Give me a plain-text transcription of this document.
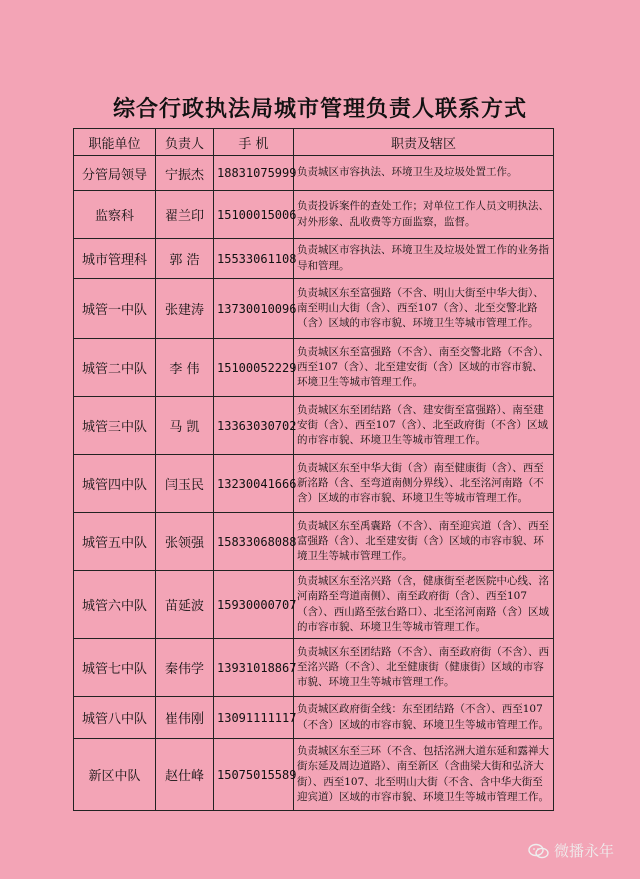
综合行政执法局城市管理负责人联系方式
职能单位	负责人	手 机	职责及辖区
分管局领导	宁振杰	18831075999	负责城区市容执法、环境卫生及垃圾处置工作。
监察科	翟兰印	15100015006	负责投诉案件的查处工作；对单位工作人员文明执法、对外形象、乱收费等方面监察，监督。
城市管理科	郭 浩	15533061108	负责城区市容执法、环境卫生及垃圾处置工作的业务指导和管理。
城管一中队	张建涛	13730010096	负责城区东至富强路（不含、明山大街至中华大街）、南至明山大街（含）、西至107（含）、北至交警北路（含）区域的市容市貌、环境卫生等城市管理工作。
城管二中队	李 伟	15100052229	负责城区东至富强路（不含）、南至交警北路（不含）、西至107（含）、北至建安街（含）区域的市容市貌、环境卫生等城市管理工作。
城管三中队	马 凯	13363030702	负责城区东至团结路（含、建安街至富强路）、南至建安街（含）、西至107（含）、北至政府街（不含）区域的市容市貌、环境卫生等城市管理工作。
城管四中队	闫玉民	13230041666	负责城区东至中华大街（含）南至健康街（含）、西至新洺路（含、至弯道南侧分界线）、北至洺河南路（不含）区域的市容市貌、环境卫生等城市管理工作。
城管五中队	张领强	15833068088	负责城区东至禹囊路（不含）、南至迎宾道（含）、西至富强路（含）、北至建安街（含）区域的市容市貌、环境卫生等城市管理工作。
城管六中队	苗延波	15930000707	负责城区东至洺兴路（含，健康街至老医院中心线、洺河南路至弯道南侧）、南至政府街（含）、西至107（含）、西山路至弦台路口）、北至洺河南路（含）区域的市容市貌、环境卫生等城市管理工作。
城管七中队	秦伟学	13931018867	负责城区东至团结路（不含）、南至政府街（不含）、西至洺兴路（不含）、北至健康街（健康街）区域的市容市貌、环境卫生等城市管理工作。
城管八中队	崔伟刚	13091111117	负责城区政府街全线：东至团结路（不含）、西至107（不含）区域的市容市貌、环境卫生等城市管理工作。
新区中队	赵仕峰	15075015589	负责城区东至三环（不含、包括洺洲大道东延和露禅大街东延及周边道路）、南至新区（含曲梁大街和弘济大街）、西至107、北至明山大街（不含、含中华大街至迎宾道）区域的市容市貌、环境卫生等城市管理工作。
微播永年
